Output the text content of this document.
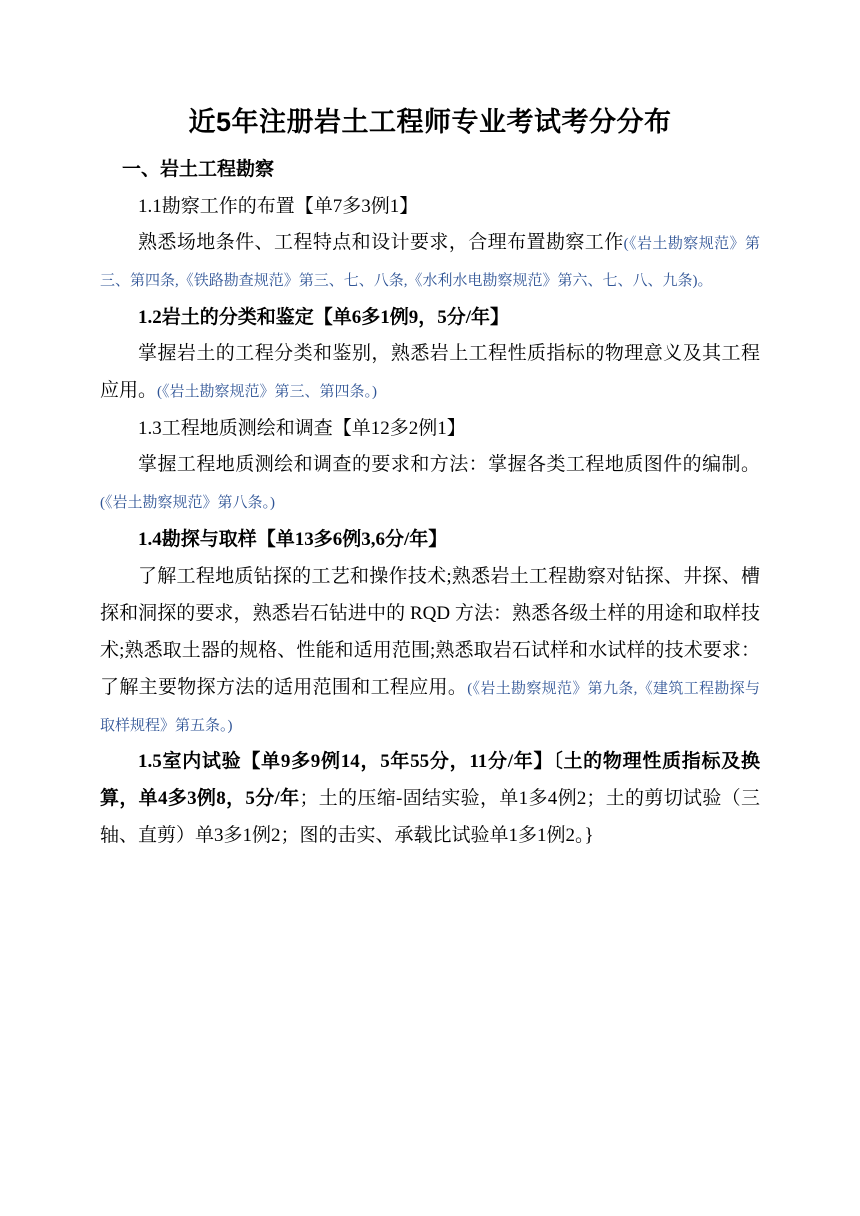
近5年注册岩土工程师专业考试考分分布
一、岩土工程勘察
1.1勘察工作的布置【单7多3例1】

熟悉场地条件、工程特点和设计要求，合理布置勘察工作(《岩土勘察规范》第三、第四条,《铁路勘查规范》第三、七、八条,《水利水电勘察规范》第六、七、八、九条)。

1.2岩土的分类和鉴定【单6多1例9，5分/年】

掌握岩土的工程分类和鉴别，熟悉岩上工程性质指标的物理意义及其工程应用。(《岩土勘察规范》第三、第四条。)

1.3工程地质测绘和调查【单12多2例1】

掌握工程地质测绘和调查的要求和方法：掌握各类工程地质图件的编制。(《岩土勘察规范》第八条。)

1.4勘探与取样【单13多6例3,6分/年】

了解工程地质钻探的工艺和操作技术;熟悉岩土工程勘察对钻探、井探、槽探和洞探的要求，熟悉岩石钻进中的 RQD 方法：熟悉各级土样的用途和取样技术;熟悉取土器的规格、性能和适用范围;熟悉取岩石试样和水试样的技术要求：了解主要物探方法的适用范围和工程应用。(《岩土勘察规范》第九条,《建筑工程勘探与取样规程》第五条。)

1.5室内试验【单9多9例14，5年55分，11分/年】〔土的物理性质指标及换算，单4多3例8，5分/年；土的压缩-固结实验，单1多4例2；土的剪切试验（三轴、直剪）单3多1例2；图的击实、承载比试验单1多1例2。}
